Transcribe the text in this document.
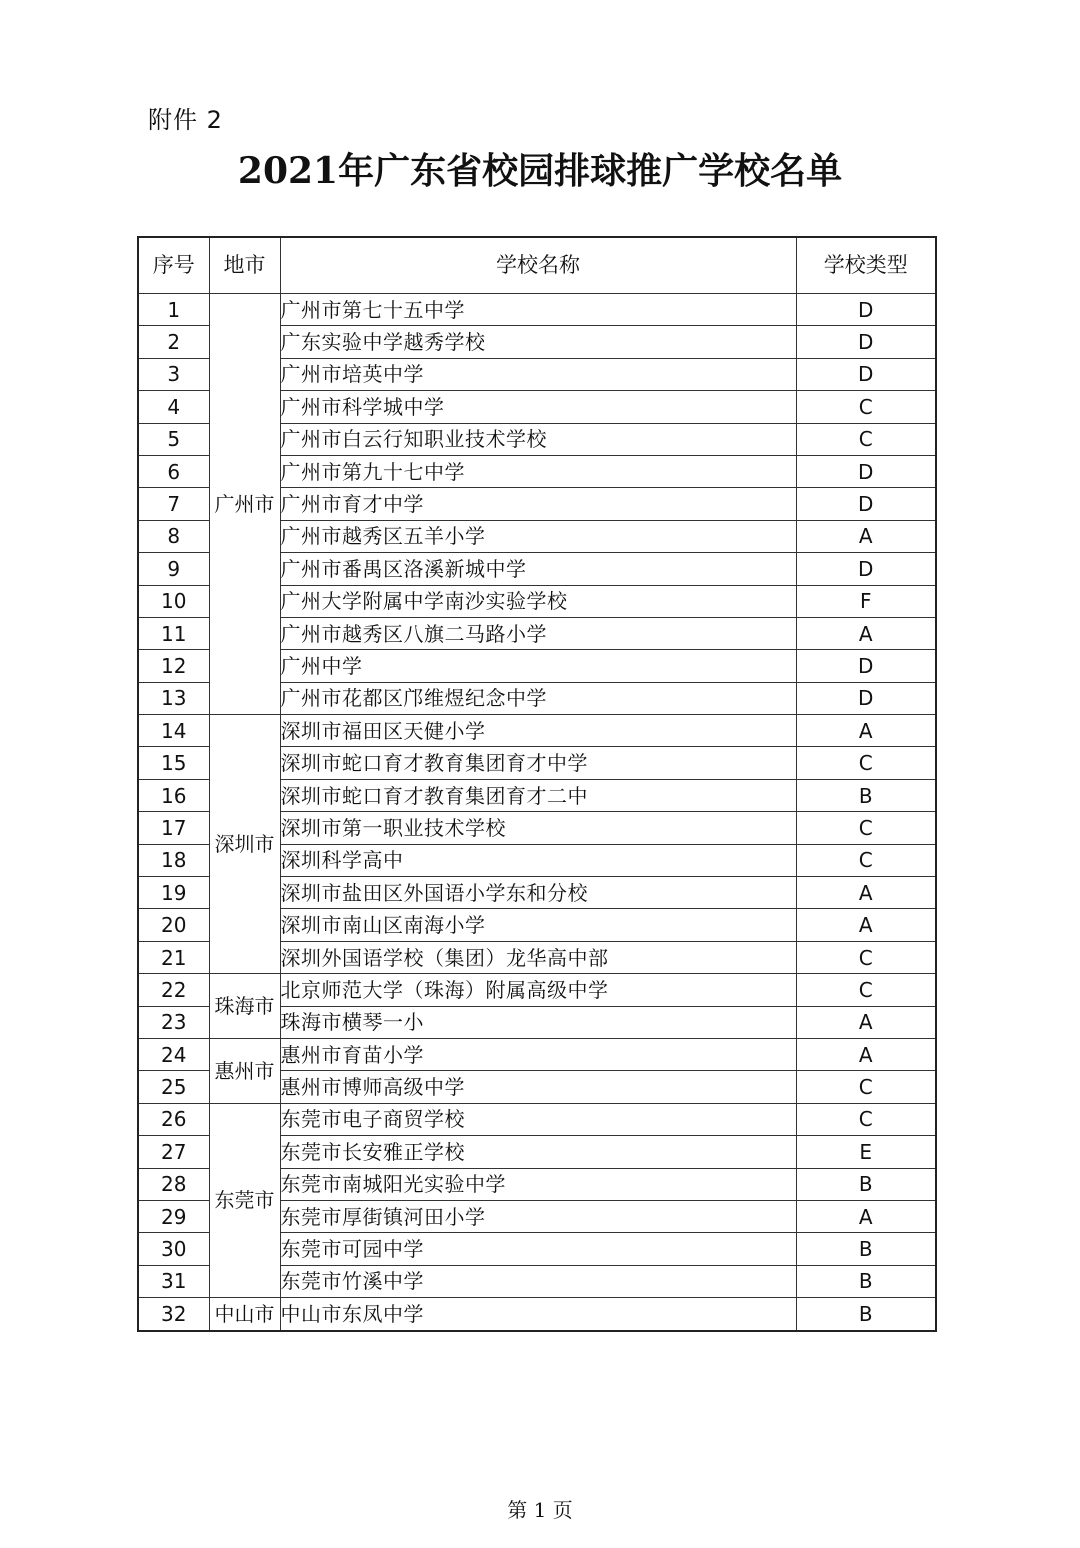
附件 2
2021年广东省校园排球推广学校名单
序号	地市	学校名称	学校类型
1	广州市	广州市第七十五中学	D
2		广东实验中学越秀学校	D
3		广州市培英中学	D
4		广州市科学城中学	C
5		广州市白云行知职业技术学校	C
6		广州市第九十七中学	D
7		广州市育才中学	D
8		广州市越秀区五羊小学	A
9		广州市番禺区洛溪新城中学	D
10		广州大学附属中学南沙实验学校	F
11		广州市越秀区八旗二马路小学	A
12		广州中学	D
13		广州市花都区邝维煜纪念中学	D
14	深圳市	深圳市福田区天健小学	A
15		深圳市蛇口育才教育集团育才中学	C
16		深圳市蛇口育才教育集团育才二中	B
17		深圳市第一职业技术学校	C
18		深圳科学高中	C
19		深圳市盐田区外国语小学东和分校	A
20		深圳市南山区南海小学	A
21		深圳外国语学校（集团）龙华高中部	C
22	珠海市	北京师范大学（珠海）附属高级中学	C
23		珠海市横琴一小	A
24	惠州市	惠州市育苗小学	A
25		惠州市博师高级中学	C
26	东莞市	东莞市电子商贸学校	C
27		东莞市长安雅正学校	E
28		东莞市南城阳光实验中学	B
29		东莞市厚街镇河田小学	A
30		东莞市可园中学	B
31		东莞市竹溪中学	B
32	中山市	中山市东凤中学	B
第 1 页
